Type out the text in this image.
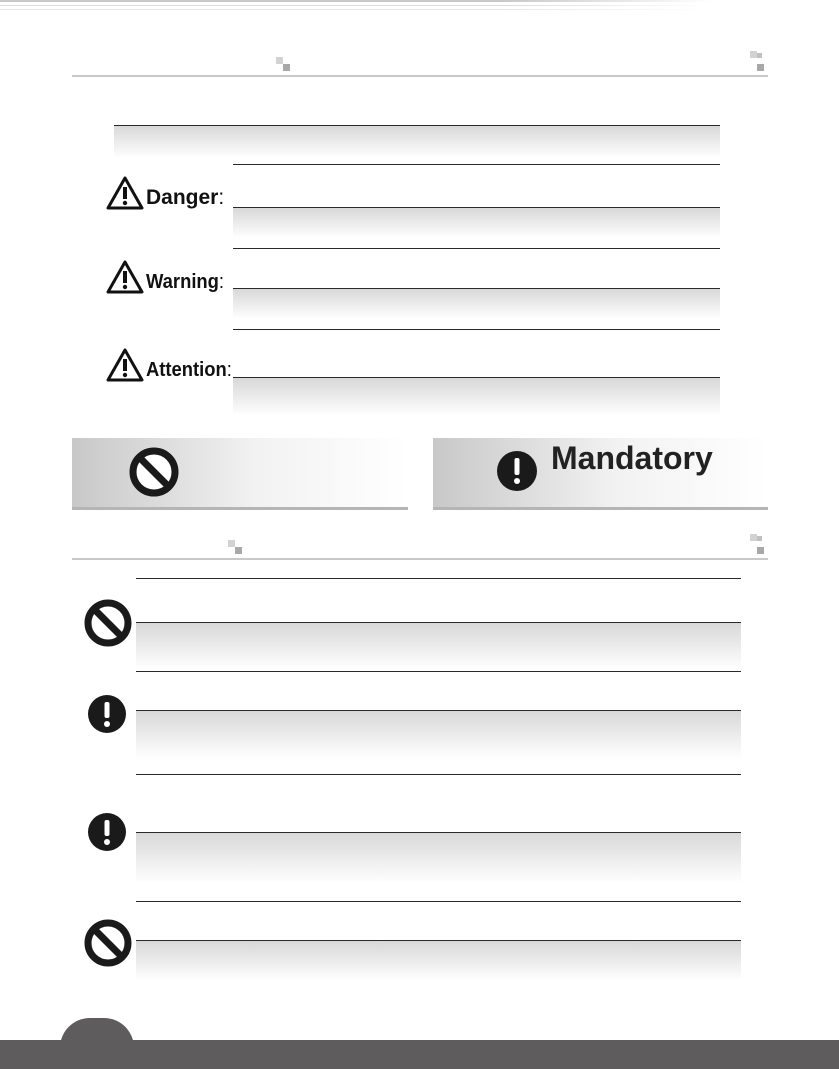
Danger :
Warning:
Attention:
Mandatory
